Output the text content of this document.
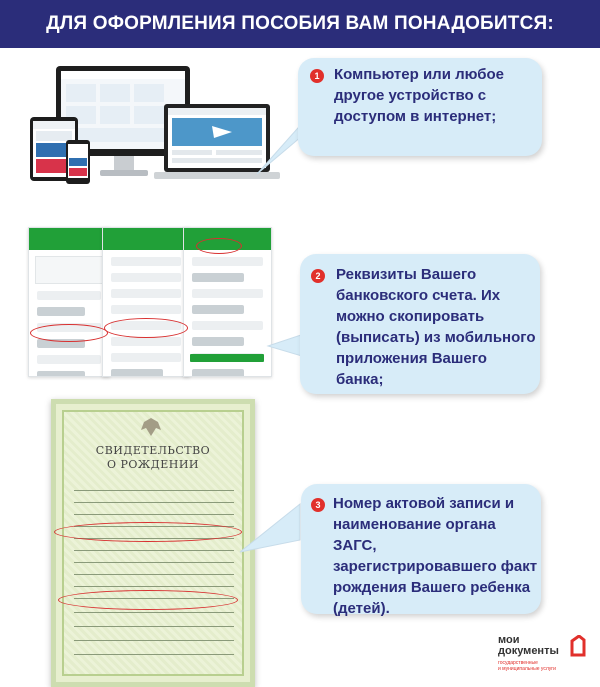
ДЛЯ ОФОРМЛЕНИЯ ПОСОБИЯ ВАМ ПОНАДОБИТСЯ:
1 Компьютер или любое
другое устройство с
доступом в интернет;
2	Реквизиты Вашего
банковского счета. Их
можно скопировать
(выписать) из мобильного
приложения Вашего банка;
СВИДЕТЕЛЬСТВО
О РОЖДЕНИИ
3 Номер актовой записи и
наименование органа ЗАГС,
зарегистрировавшего факт
рождения Вашего ребенка
(детей).
мои
документы
государственные
и муниципальные услуги
